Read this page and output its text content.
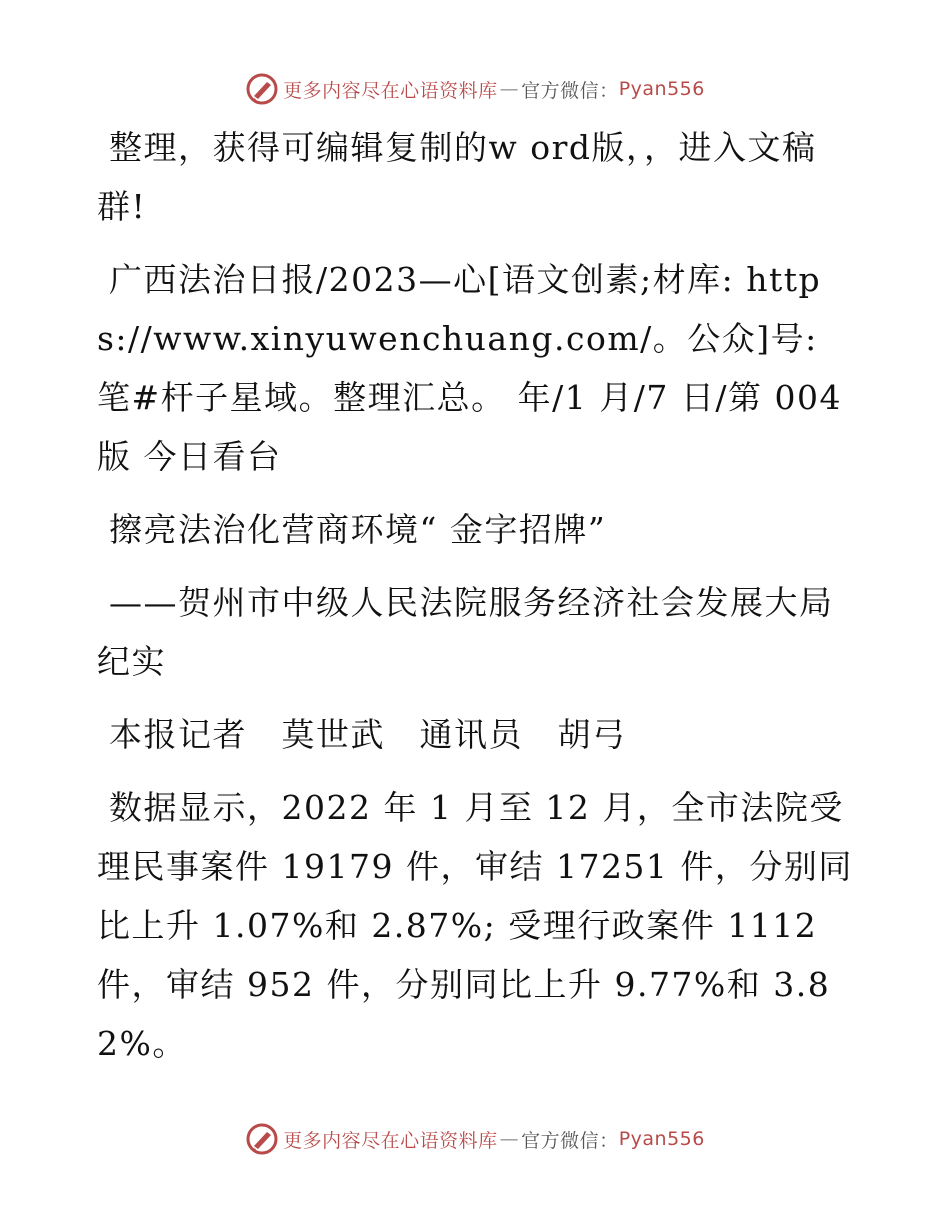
更多内容尽在心语资料库 — 官方微信： Pyan556

整理，获得可编辑复制的w ord版，，进入文稿群!

广西法治日报/2023—心[语文创素;材库: https://www.xinyuwenchuang.com/。公众]号: 笔#杆子星域。整理汇总。 年/1 月/7 日/第 004 版 今日看台

擦亮法治化营商环境“ 金字招牌”

——贺州市中级人民法院服务经济社会发展大局纪实

本报记者　莫世武　通讯员　胡弓

数据显示，2022 年 1 月至 12 月，全市法院受理民事案件 19179 件，审结 17251 件，分别同比上升 1.07%和 2.87%; 受理行政案件 1112 件，审结 952 件，分别同比上升 9.77%和 3.82%。

更多内容尽在心语资料库 — 官方微信： Pyan556
